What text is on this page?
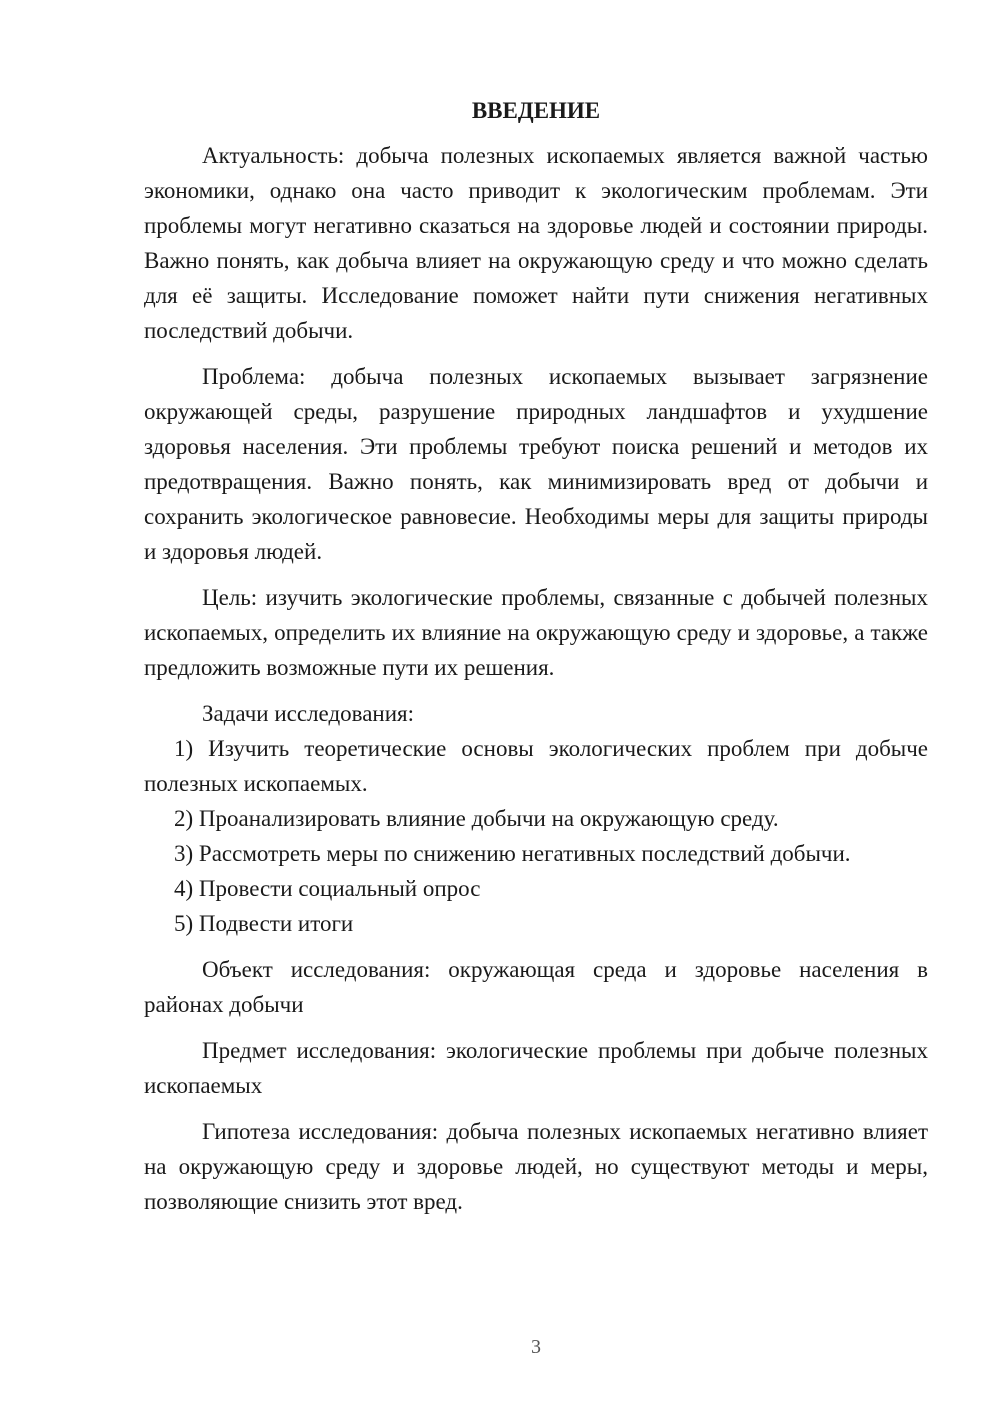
ВВЕДЕНИЕ

Актуальность: добыча полезных ископаемых является важной частью экономики, однако она часто приводит к экологическим проблемам. Эти проблемы могут негативно сказаться на здоровье людей и состоянии природы. Важно понять, как добыча влияет на окружающую среду и что можно сделать для её защиты. Исследование поможет найти пути снижения негативных последствий добычи.

Проблема: добыча полезных ископаемых вызывает загрязнение окружающей среды, разрушение природных ландшафтов и ухудшение здоровья населения. Эти проблемы требуют поиска решений и методов их предотвращения. Важно понять, как минимизировать вред от добычи и сохранить экологическое равновесие. Необходимы меры для защиты природы и здоровья людей.

Цель: изучить экологические проблемы, связанные с добычей полезных ископаемых, определить их влияние на окружающую среду и здоровье, а также предложить возможные пути их решения.

Задачи исследования:

1) Изучить теоретические основы экологических проблем при добыче полезных ископаемых.

2) Проанализировать влияние добычи на окружающую среду.

3) Рассмотреть меры по снижению негативных последствий добычи.

4) Провести социальный опрос

5) Подвести итоги

Объект исследования: окружающая среда и здоровье населения в районах добычи

Предмет исследования: экологические проблемы при добыче полезных ископаемых

Гипотеза исследования: добыча полезных ископаемых негативно влияет на окружающую среду и здоровье людей, но существуют методы и меры, позволяющие снизить этот вред.

3
